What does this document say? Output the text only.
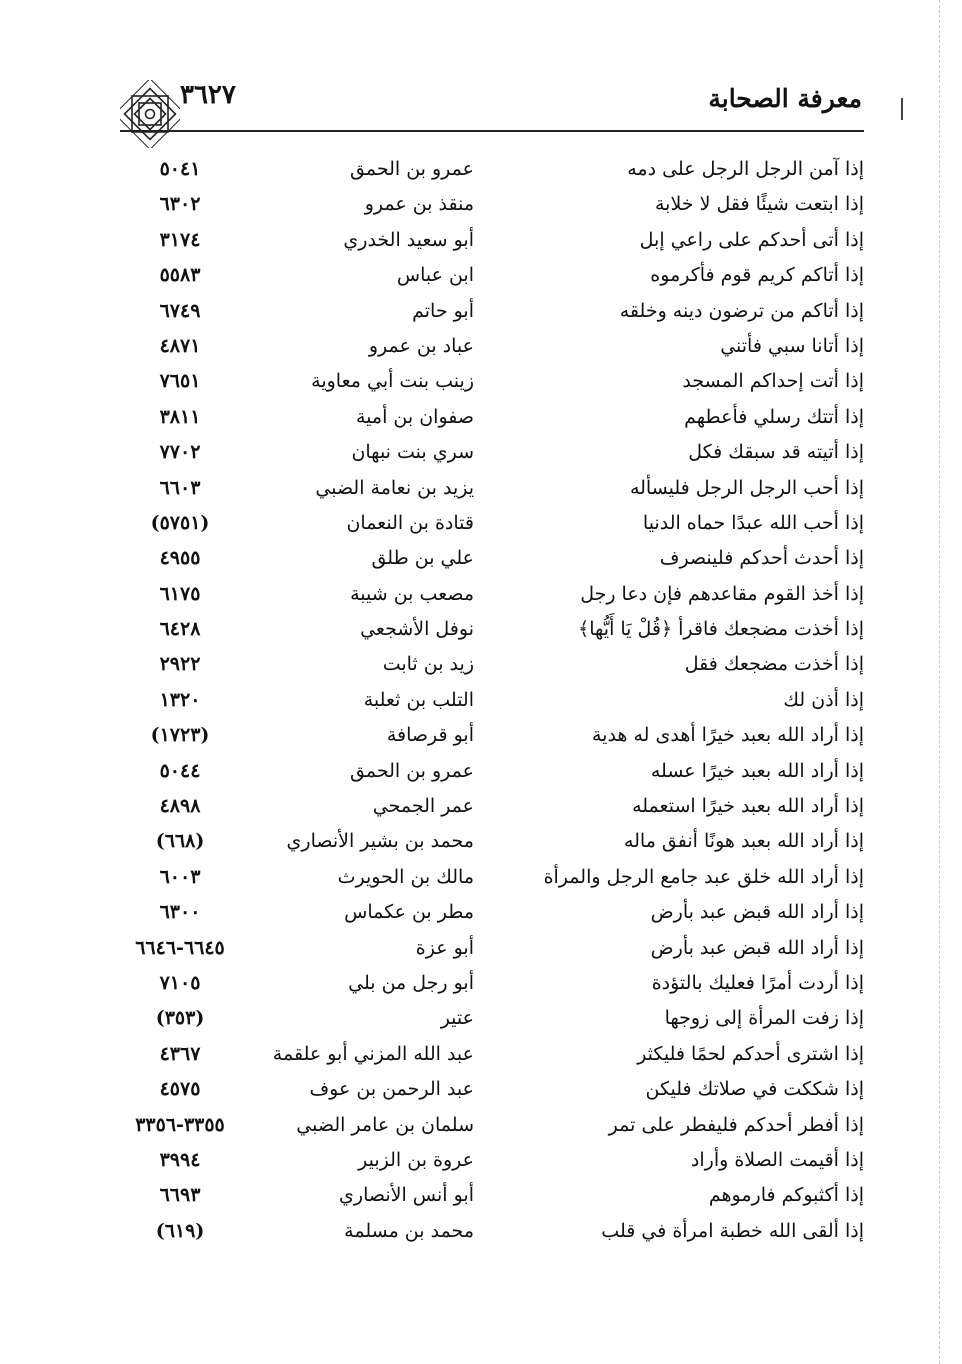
معرفة الصحابة
٣٦٢٧
إذا آمن الرجل الرجل على دمه
عمرو بن الحمق
٥٠٤١
إذا ابتعت شيئًا فقل لا خلابة
منقذ بن عمرو
٦٣٠٢
إذا أتى أحدكم على راعي إبل
أبو سعيد الخدري
٣١٧٤
إذا أتاكم كريم قوم فأكرموه
ابن عباس
٥٥٨٣
إذا أتاكم من ترضون دينه وخلقه
أبو حاتم
٦٧٤٩
إذا أتانا سبي فأتني
عباد بن عمرو
٤٨٧١
إذا أتت إحداكم المسجد
زينب بنت أبي معاوية
٧٦٥١
إذا أتتك رسلي فأعطهم
صفوان بن أمية
٣٨١١
إذا أتيته قد سبقك فكل
سري بنت نبهان
٧٧٠٢
إذا أحب الرجل الرجل فليسأله
يزيد بن نعامة الضبي
٦٦٠٣
إذا أحب الله عبدًا حماه الدنيا
قتادة بن النعمان
(٥٧٥١)
إذا أحدث أحدكم فلينصرف
علي بن طلق
٤٩٥٥
إذا أخذ القوم مقاعدهم فإن دعا رجل
مصعب بن شيبة
٦١٧٥
إذا أخذت مضجعك فاقرأ ﴿قُلْ يَا أَيُّها﴾
نوفل الأشجعي
٦٤٢٨
إذا أخذت مضجعك فقل
زيد بن ثابت
٢٩٢٢
إذا أذن لك
التلب بن ثعلبة
١٣٢٠
إذا أراد الله بعبد خيرًا أهدى له هدية
أبو قرصافة
(١٧٢٣)
إذا أراد الله بعبد خيرًا عسله
عمرو بن الحمق
٥٠٤٤
إذا أراد الله بعبد خيرًا استعمله
عمر الجمحي
٤٨٩٨
إذا أراد الله بعبد هونًا أنفق ماله
محمد بن بشير الأنصاري
(٦٦٨)
إذا أراد الله خلق عبد جامع الرجل والمرأة
مالك بن الحويرث
٦٠٠٣
إذا أراد الله قبض عبد بأرض
مطر بن عكماس
٦٣٠٠
إذا أراد الله قبض عبد بأرض
أبو عزة
٦٦٤٥-٦٦٤٦
إذا أردت أمرًا فعليك بالتؤدة
أبو رجل من بلي
٧١٠٥
إذا زفت المرأة إلى زوجها
عتير
(٣٥٣)
إذا اشترى أحدكم لحمًا فليكثر
عبد الله المزني أبو علقمة
٤٣٦٧
إذا شككت في صلاتك فليكن
عبد الرحمن بن عوف
٤٥٧٥
إذا أفطر أحدكم فليفطر على تمر
سلمان بن عامر الضبي
٣٣٥٥-٣٣٥٦
إذا أقيمت الصلاة وأراد
عروة بن الزبير
٣٩٩٤
إذا أكثبوكم فارموهم
أبو أنس الأنصاري
٦٦٩٣
إذا ألقى الله خطبة امرأة في قلب
محمد بن مسلمة
(٦١٩)
